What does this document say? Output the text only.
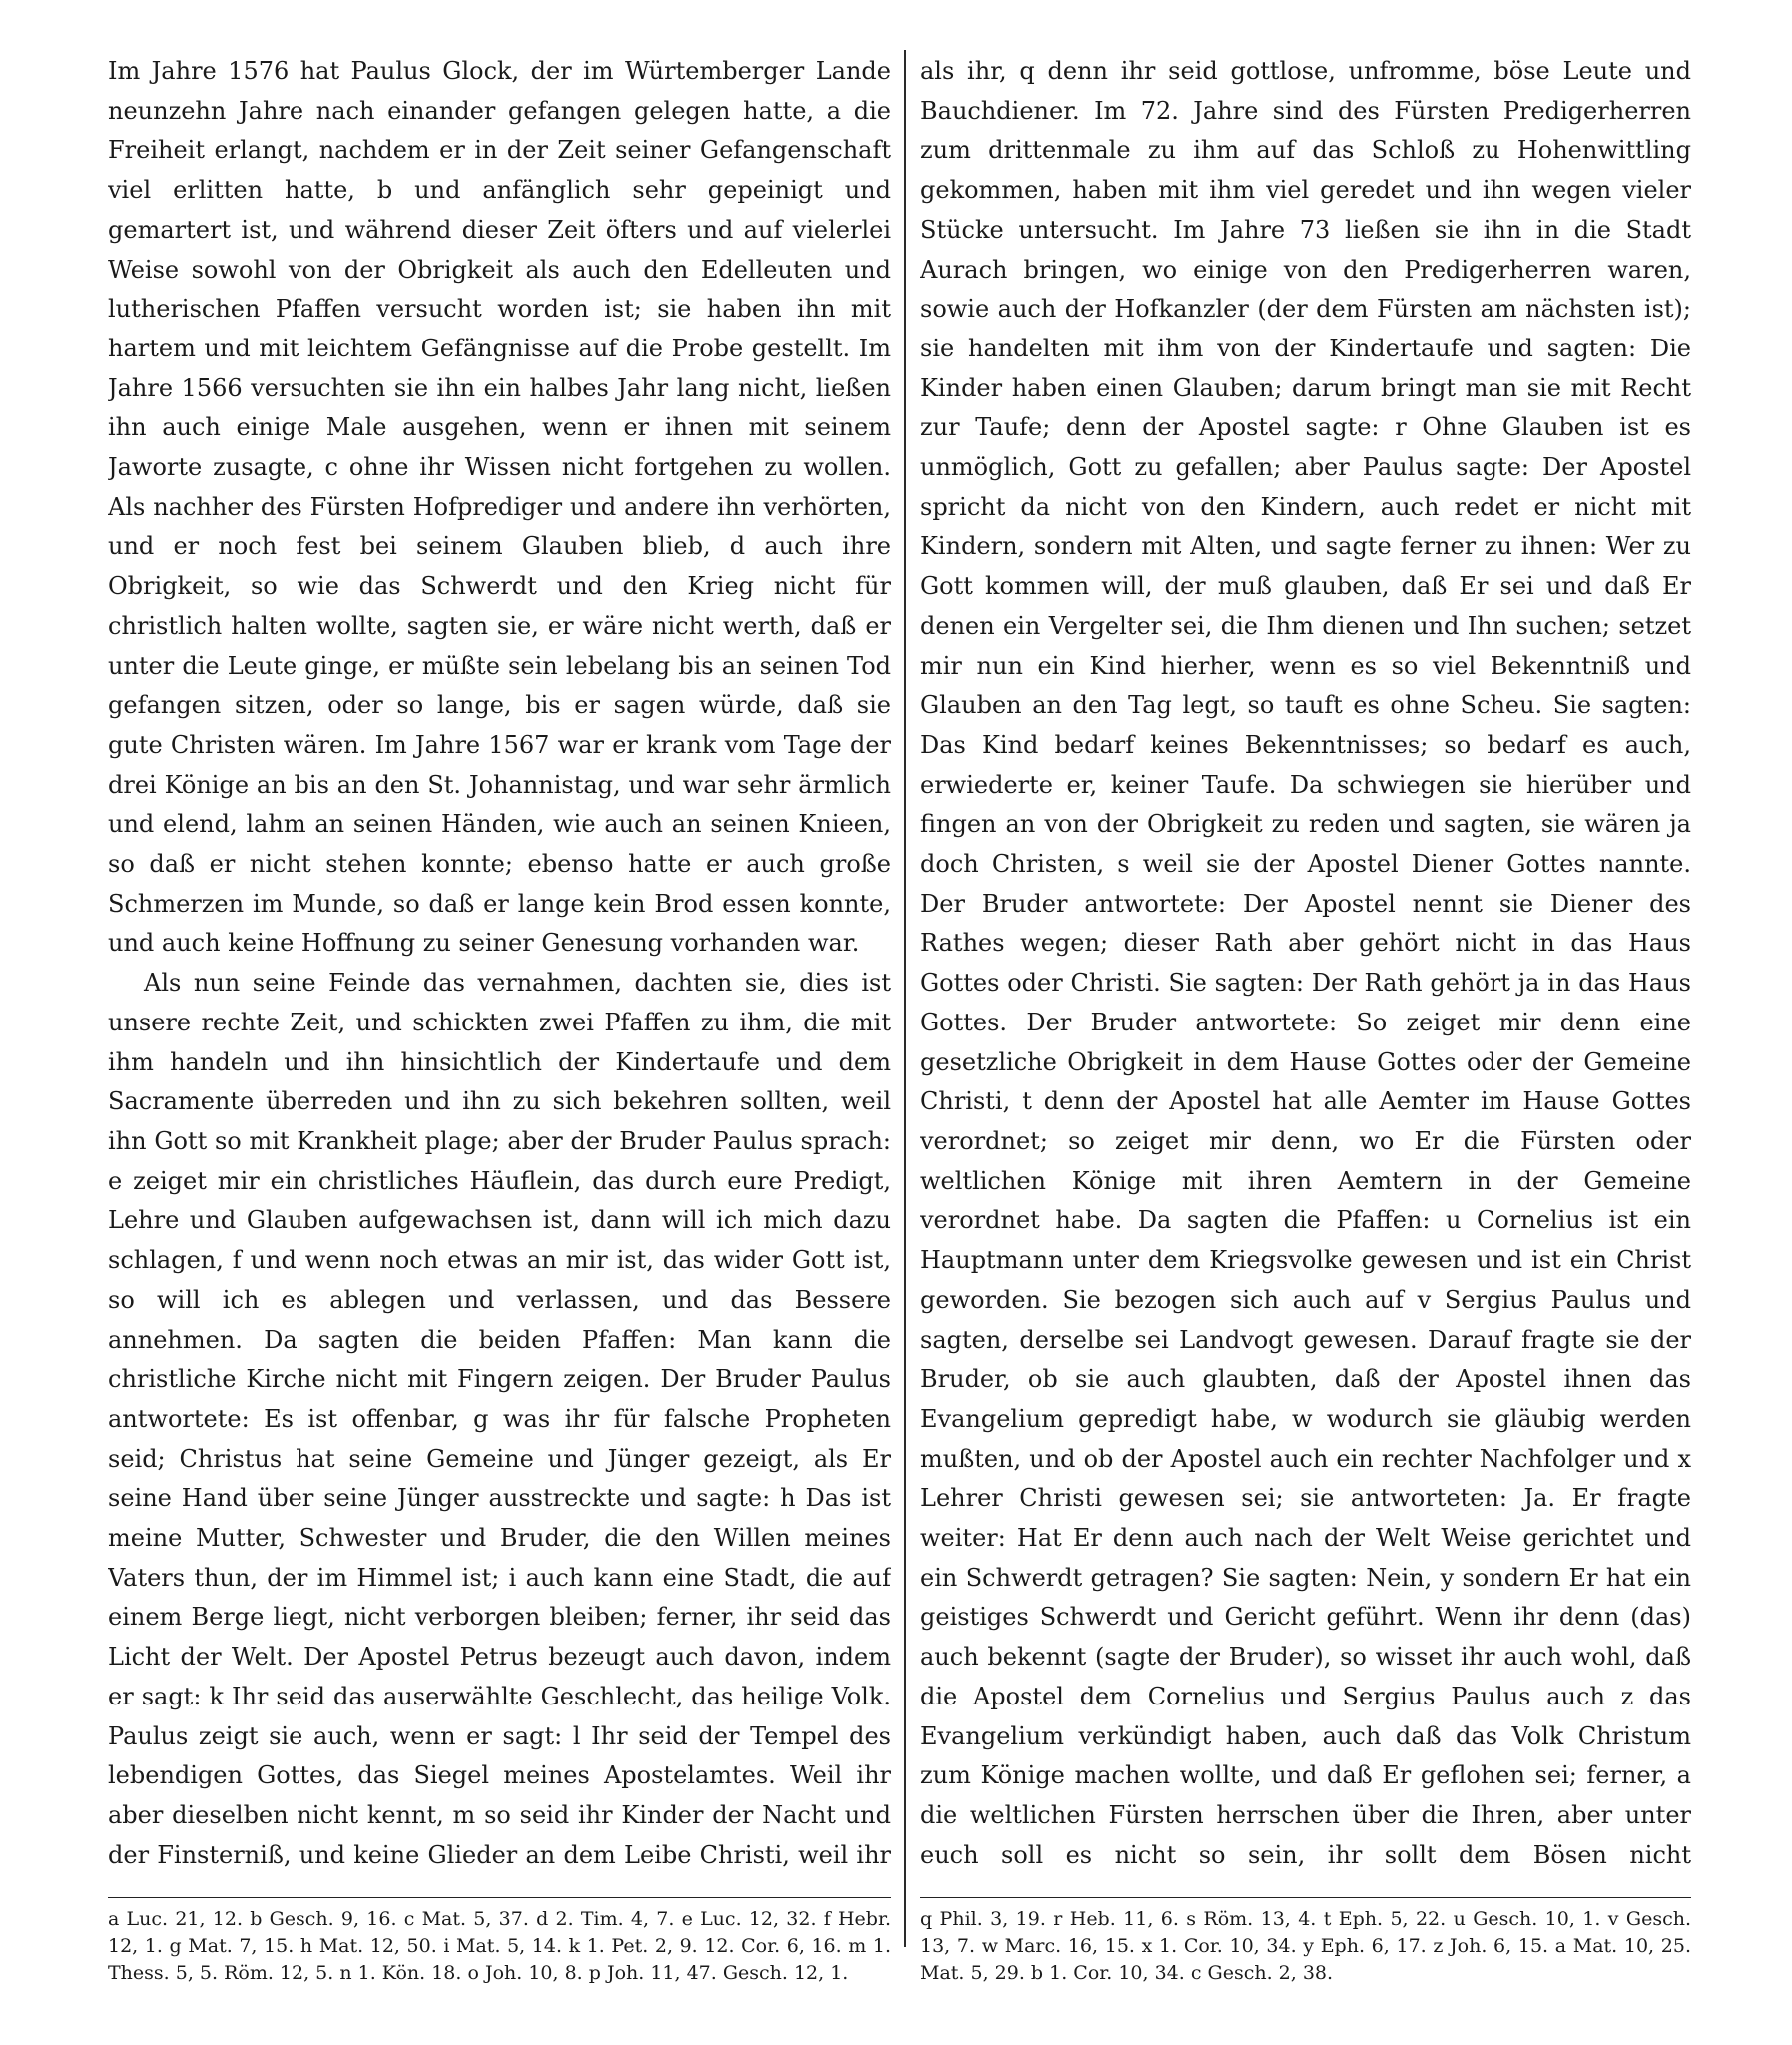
Im Jahre 1576 hat Paulus Glock, der im Würtemberger Lande neunzehn Jahre nach einander gefangen gelegen hatte, a die Freiheit erlangt, nachdem er in der Zeit seiner Gefangenschaft viel erlitten hatte, b und anfänglich sehr gepeinigt und gemartert ist, und während dieser Zeit öfters und auf vielerlei Weise sowohl von der Obrigkeit als auch den Edelleuten und lutherischen Pfaffen versucht worden ist; sie haben ihn mit hartem und mit leichtem Gefängnisse auf die Probe gestellt. Im Jahre 1566 versuchten sie ihn ein halbes Jahr lang nicht, ließen ihn auch einige Male ausgehen, wenn er ihnen mit seinem Jaworte zusagte, c ohne ihr Wissen nicht fortgehen zu wollen. Als nachher des Fürsten Hofprediger und andere ihn verhörten, und er noch fest bei seinem Glauben blieb, d auch ihre Obrigkeit, so wie das Schwerdt und den Krieg nicht für christlich halten wollte, sagten sie, er wäre nicht werth, daß er unter die Leute ginge, er müßte sein lebelang bis an seinen Tod gefangen sitzen, oder so lange, bis er sagen würde, daß sie gute Christen wären. Im Jahre 1567 war er krank vom Tage der drei Könige an bis an den St. Johannistag, und war sehr ärmlich und elend, lahm an seinen Händen, wie auch an seinen Knieen, so daß er nicht stehen konnte; ebenso hatte er auch große Schmerzen im Munde, so daß er lange kein Brod essen konnte, und auch keine Hoffnung zu seiner Genesung vorhanden war.

Als nun seine Feinde das vernahmen, dachten sie, dies ist unsere rechte Zeit, und schickten zwei Pfaffen zu ihm, die mit ihm handeln und ihn hinsichtlich der Kindertaufe und dem Sacramente überreden und ihn zu sich bekehren sollten, weil ihn Gott so mit Krankheit plage; aber der Bruder Paulus sprach: e zeiget mir ein christliches Häuflein, das durch eure Predigt, Lehre und Glauben aufgewachsen ist, dann will ich mich dazu schlagen, f und wenn noch etwas an mir ist, das wider Gott ist, so will ich es ablegen und verlassen, und das Bessere annehmen. Da sagten die beiden Pfaffen: Man kann die christliche Kirche nicht mit Fingern zeigen. Der Bruder Paulus antwortete: Es ist offenbar, g was ihr für falsche Propheten seid; Christus hat seine Gemeine und Jünger gezeigt, als Er seine Hand über seine Jünger ausstreckte und sagte: h Das ist meine Mutter, Schwester und Bruder, die den Willen meines Vaters thun, der im Himmel ist; i auch kann eine Stadt, die auf einem Berge liegt, nicht verborgen bleiben; ferner, ihr seid das Licht der Welt. Der Apostel Petrus bezeugt auch davon, indem er sagt: k Ihr seid das auserwählte Geschlecht, das heilige Volk. Paulus zeigt sie auch, wenn er sagt: l Ihr seid der Tempel des lebendigen Gottes, das Siegel meines Apostelamtes. Weil ihr aber dieselben nicht kennt, m so seid ihr Kinder der Nacht und der Finsterniß, und keine Glieder an dem Leibe Christi, weil ihr

a Luc. 21, 12. b Gesch. 9, 16. c Mat. 5, 37. d 2. Tim. 4, 7. e Luc. 12, 32. f Hebr. 12, 1. g Mat. 7, 15. h Mat. 12, 50. i Mat. 5, 14. k 1. Pet. 2, 9. 12. Cor. 6, 16. m 1. Thess. 5, 5. Röm. 12, 5. n 1. Kön. 18. o Joh. 10, 8. p Joh. 11, 47. Gesch. 12, 1.

als ihr, q denn ihr seid gottlose, unfromme, böse Leute und Bauchdiener. Im 72. Jahre sind des Fürsten Predigerherren zum drittenmale zu ihm auf das Schloß zu Hohenwittling gekommen, haben mit ihm viel geredet und ihn wegen vieler Stücke untersucht. Im Jahre 73 ließen sie ihn in die Stadt Aurach bringen, wo einige von den Predigerherren waren, sowie auch der Hofkanzler (der dem Fürsten am nächsten ist); sie handelten mit ihm von der Kindertaufe und sagten: Die Kinder haben einen Glauben; darum bringt man sie mit Recht zur Taufe; denn der Apostel sagte: r Ohne Glauben ist es unmöglich, Gott zu gefallen; aber Paulus sagte: Der Apostel spricht da nicht von den Kindern, auch redet er nicht mit Kindern, sondern mit Alten, und sagte ferner zu ihnen: Wer zu Gott kommen will, der muß glauben, daß Er sei und daß Er denen ein Vergelter sei, die Ihm dienen und Ihn suchen; setzet mir nun ein Kind hierher, wenn es so viel Bekenntniß und Glauben an den Tag legt, so tauft es ohne Scheu. Sie sagten: Das Kind bedarf keines Bekenntnisses; so bedarf es auch, erwiederte er, keiner Taufe. Da schwiegen sie hierüber und fingen an von der Obrigkeit zu reden und sagten, sie wären ja doch Christen, s weil sie der Apostel Diener Gottes nannte. Der Bruder antwortete: Der Apostel nennt sie Diener des Rathes wegen; dieser Rath aber gehört nicht in das Haus Gottes oder Christi. Sie sagten: Der Rath gehört ja in das Haus Gottes. Der Bruder antwortete: So zeiget mir denn eine gesetzliche Obrigkeit in dem Hause Gottes oder der Gemeine Christi, t denn der Apostel hat alle Aemter im Hause Gottes verordnet; so zeiget mir denn, wo Er die Fürsten oder weltlichen Könige mit ihren Aemtern in der Gemeine verordnet habe. Da sagten die Pfaffen: u Cornelius ist ein Hauptmann unter dem Kriegsvolke gewesen und ist ein Christ geworden. Sie bezogen sich auch auf v Sergius Paulus und sagten, derselbe sei Landvogt gewesen. Darauf fragte sie der Bruder, ob sie auch glaubten, daß der Apostel ihnen das Evangelium gepredigt habe, w wodurch sie gläubig werden mußten, und ob der Apostel auch ein rechter Nachfolger und x Lehrer Christi gewesen sei; sie antworteten: Ja. Er fragte weiter: Hat Er denn auch nach der Welt Weise gerichtet und ein Schwerdt getragen? Sie sagten: Nein, y sondern Er hat ein geistiges Schwerdt und Gericht geführt. Wenn ihr denn (das) auch bekennt (sagte der Bruder), so wisset ihr auch wohl, daß die Apostel dem Cornelius und Sergius Paulus auch z das Evangelium verkündigt haben, auch daß das Volk Christum zum Könige machen wollte, und daß Er geflohen sei; ferner, a die weltlichen Fürsten herrschen über die Ihren, aber unter euch soll es nicht so sein, ihr sollt dem Bösen nicht

q Phil. 3, 19. r Heb. 11, 6. s Röm. 13, 4. t Eph. 5, 22. u Gesch. 10, 1. v Gesch. 13, 7. w Marc. 16, 15. x 1. Cor. 10, 34. y Eph. 6, 17. z Joh. 6, 15. a Mat. 10, 25. Mat. 5, 29. b 1. Cor. 10, 34. c Gesch. 2, 38.
